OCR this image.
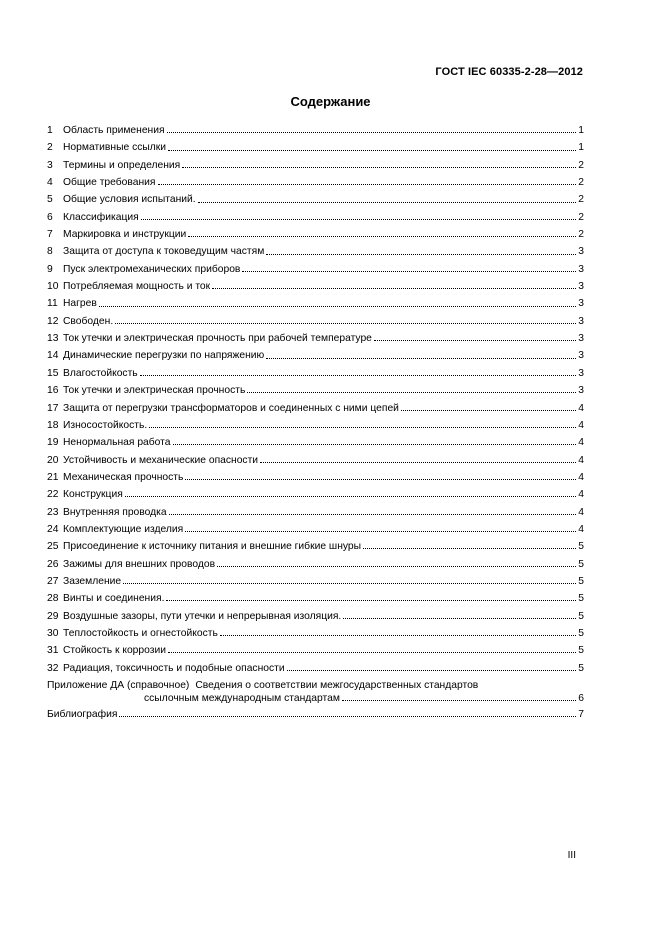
ГОСТ IEC 60335-2-28—2012
Содержание
1 Область применения	1
2 Нормативные ссылки	1
3 Термины и определения	2
4 Общие требования	2
5 Общие условия испытаний.	2
6 Классификация	2
7 Маркировка и инструкции	2
8 Защита от доступа к токоведущим частям	3
9 Пуск электромеханических приборов	3
10 Потребляемая мощность и ток	3
11 Нагрев	3
12 Свободен.	3
13 Ток утечки и электрическая прочность при рабочей температуре	3
14 Динамические перегрузки по напряжению	3
15 Влагостойкость	3
16 Ток утечки и электрическая прочность	3
17 Защита от перегрузки трансформаторов и соединенных с ними цепей	4
18 Износостойкость.	4
19 Ненормальная работа	4
20 Устойчивость и механические опасности	4
21 Механическая прочность	4
22 Конструкция	4
23 Внутренняя проводка	4
24 Комплектующие изделия	4
25 Присоединение к источнику питания и внешние гибкие шнуры	5
26 Зажимы для внешних проводов	5
27 Заземление	5
28 Винты и соединения.	5
29 Воздушные зазоры, пути утечки и непрерывная изоляция.	5
30 Теплостойкость и огнестойкость	5
31 Стойкость к коррозии	5
32 Радиация, токсичность и подобные опасности	5
Приложение ДА (справочное) Сведения о соответствии межгосударственных стандартов
ссылочным международным стандартам	6
Библиография	7
III
